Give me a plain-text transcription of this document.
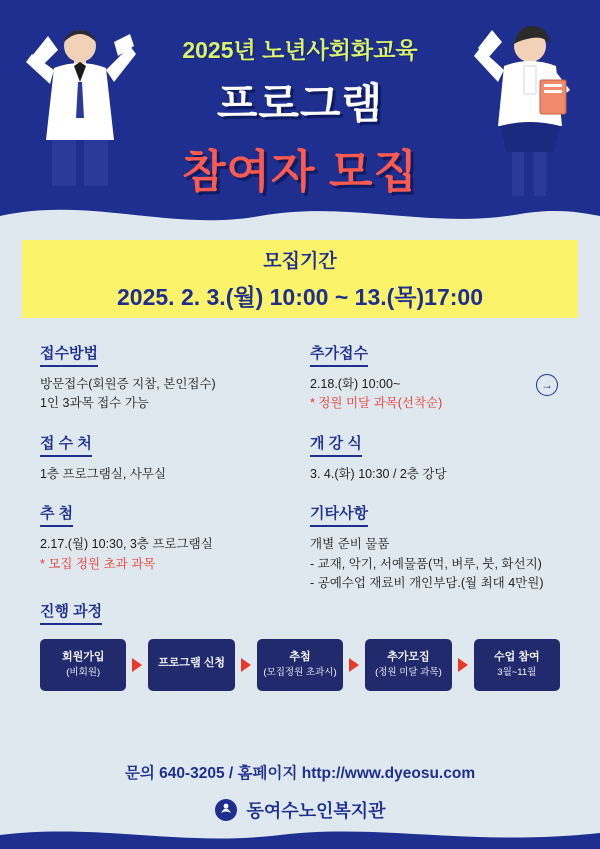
2025년 노년사회화교육
프로그램
참여자 모집
모집기간
2025. 2. 3.(월) 10:00 ~ 13.(목)17:00
접수방법

방문접수(회원증 지참, 본인접수)

1인 3과목 접수 가능

접 수 처

1층 프로그램실, 사무실

추 첨

2.17.(월) 10:30, 3층 프로그램실

* 모집 정원 초과 과목

추가접수

2.18.(화) 10:00~

* 정원 미달 과목(선착순)

→
개 강 식

3. 4.(화) 10:30 / 2층 강당

기타사항

개별 준비 물품

- 교재, 악기, 서예물품(먹, 벼루, 붓, 화선지)

- 공예수업 재료비 개인부담.(월 최대 4만원)

진행 과정
회원가입
(비회원)
프로그램 신청	추첨
(모집정원 초과시)
추가모집
(정원 미달 과목)
수업 참여
3월~11월
문의 640-3205 / 홈페이지 http://www.dyeosu.com
동여수노인복지관
